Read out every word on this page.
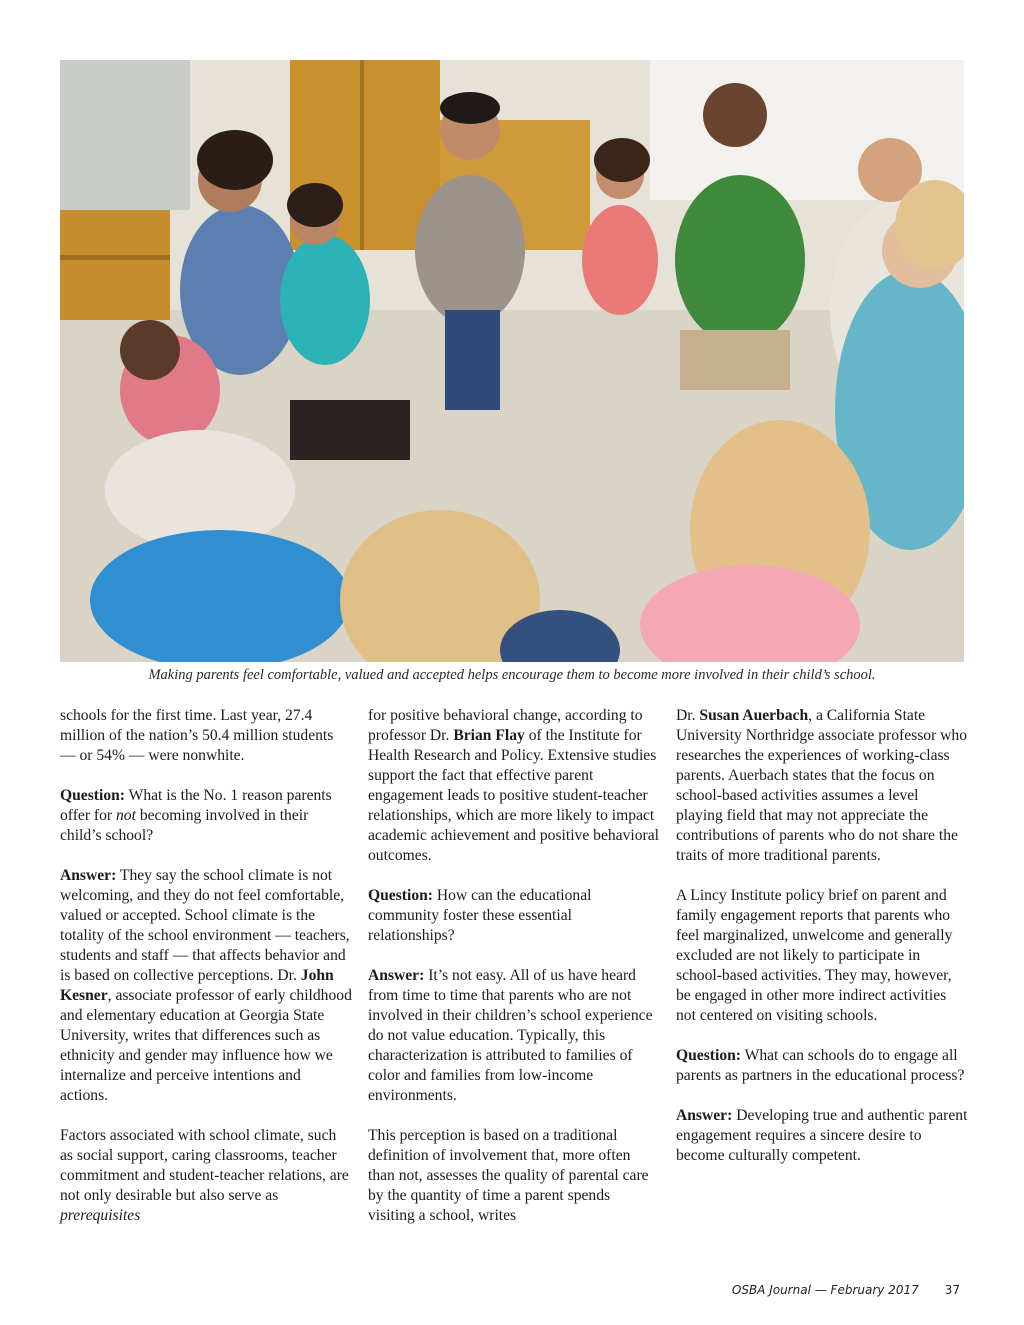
Making parents feel comfortable, valued and accepted helps encourage them to become more involved in their child’s school.

schools for the first time. Last year, 27.4 million of the nation’s 50.4 million students — or 54% — were nonwhite.

Question: What is the No. 1 reason parents offer for not becoming involved in their child’s school?

Answer: They say the school climate is not welcoming, and they do not feel comfortable, valued or accepted. School climate is the totality of the school environment — teachers, students and staff — that affects behavior and is based on collective perceptions. Dr. John Kesner, associate professor of early childhood and elementary education at Georgia State University, writes that differences such as ethnicity and gender may influence how we internalize and perceive intentions and actions.

Factors associated with school climate, such as social support, caring classrooms, teacher commitment and student-teacher relations, are not only desirable but also serve as prerequisites

for positive behavioral change, according to professor Dr. Brian Flay of the Institute for Health Research and Policy. Extensive studies support the fact that effective parent engagement leads to positive student-teacher relationships, which are more likely to impact academic achievement and positive behavioral outcomes.

Question: How can the educational community foster these essential relationships?

Answer: It’s not easy. All of us have heard from time to time that parents who are not involved in their children’s school experience do not value education. Typically, this characterization is attributed to families of color and families from low-income environments.

This perception is based on a traditional definition of involvement that, more often than not, assesses the quality of parental care by the quantity of time a parent spends visiting a school, writes

Dr. Susan Auerbach, a California State University Northridge associate professor who researches the experiences of working-class parents. Auerbach states that the focus on school-based activities assumes a level playing field that may not appreciate the contributions of parents who do not share the traits of more traditional parents.

A Lincy Institute policy brief on parent and family engagement reports that parents who feel marginalized, unwelcome and generally excluded are not likely to participate in school-based activities. They may, however, be engaged in other more indirect activities not centered on visiting schools.

Question: What can schools do to engage all parents as partners in the educational process?

Answer: Developing true and authentic parent engagement requires a sincere desire to become culturally competent.

OSBA Journal — February 2017 37
